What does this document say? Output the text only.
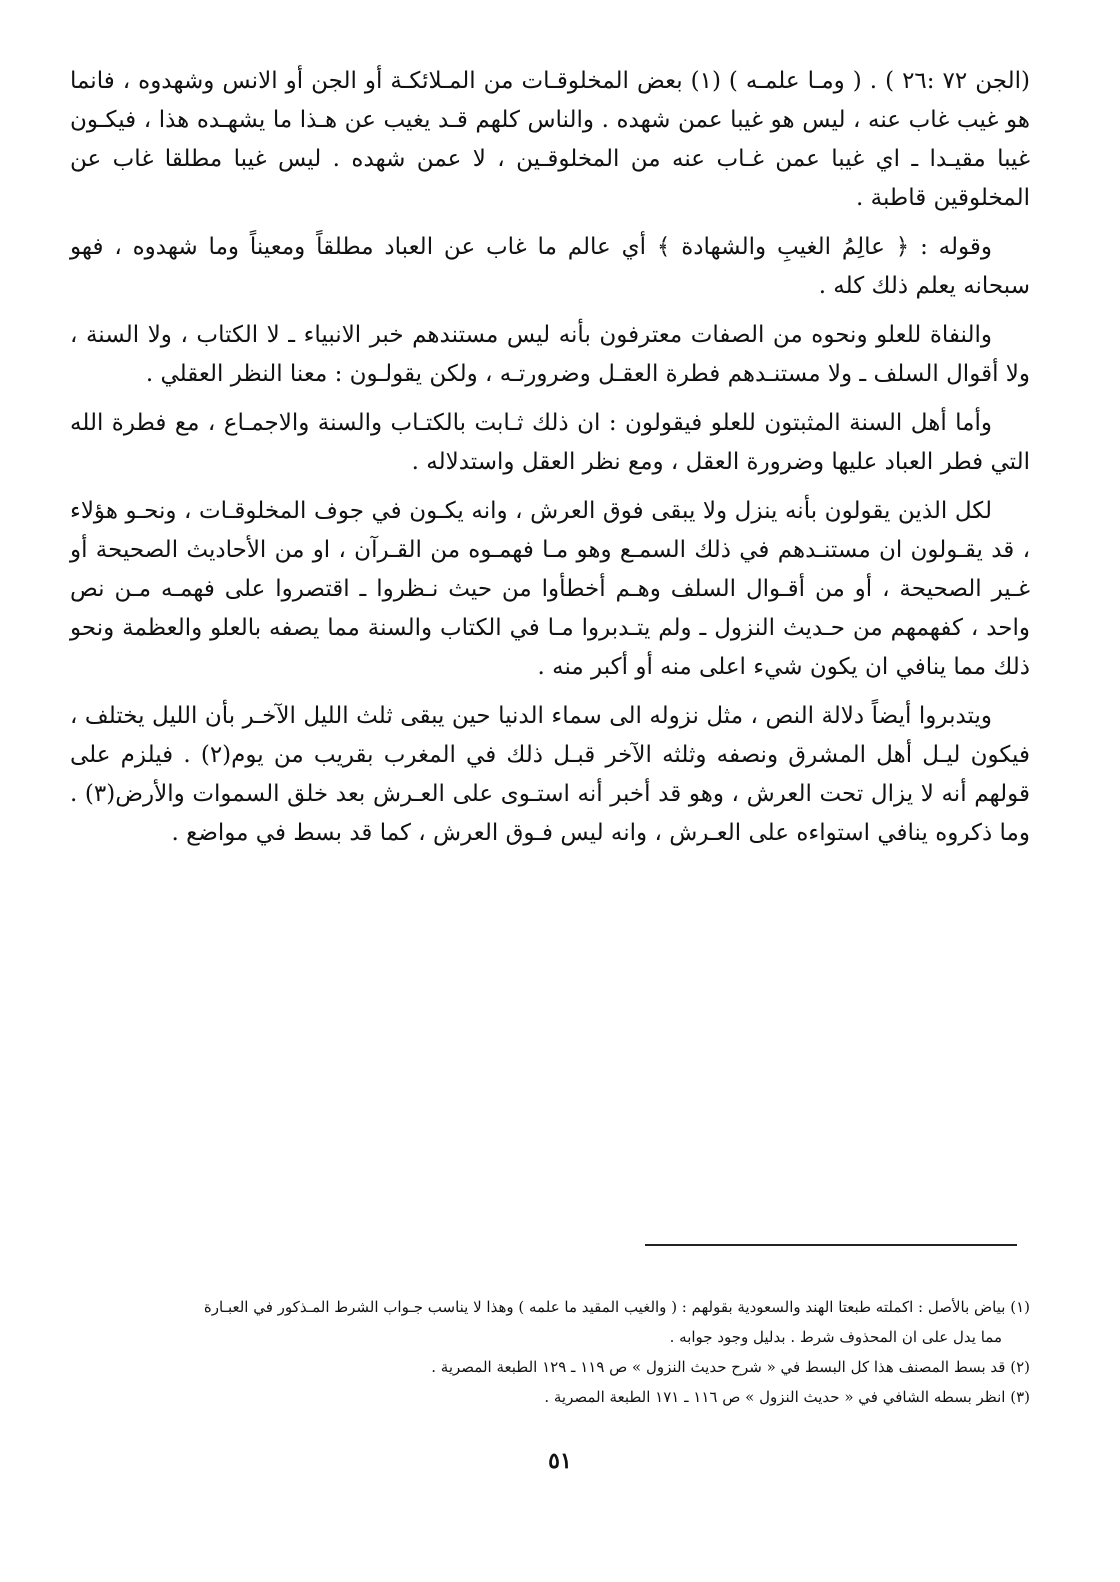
(الجن ٧٢ :٢٦ ) . ( ومـا علمـه ) (١) بعض المخلوقـات من المـلائكـة أو الجن أو الانس وشهدوه ، فانما هو غيب غاب عنه ، ليس هو غيبا عمن شهده . والناس كلهم قـد يغيب عن هـذا ما يشهـده هذا ، فيكـون غيبا مقيـدا ـ اي غيبا عمن غـاب عنه من المخلوقـين ، لا عمن شهده . ليس غيبا مطلقا غاب عن المخلوقين قاطبة .

وقوله : ﴿ عالِمُ الغيبِ والشهادة ﴾ أي عالم ما غاب عن العباد مطلقاً ومعيناً وما شهدوه ، فهو سبحانه يعلم ذلك كله .

والنفاة للعلو ونحوه من الصفات معترفون بأنه ليس مستندهم خبر الانبياء ـ لا الكتاب ، ولا السنة ، ولا أقوال السلف ـ ولا مستنـدهم فطرة العقـل وضرورتـه ، ولكن يقولـون : معنا النظر العقلي .

وأما أهل السنة المثبتون للعلو فيقولون : ان ذلك ثـابت بالكتـاب والسنة والاجمـاع ، مع فطرة الله التي فطر العباد عليها وضرورة العقل ، ومع نظر العقل واستدلاله .

لكل الذين يقولون بأنه ينزل ولا يبقى فوق العرش ، وانه يكـون في جوف المخلوقـات ، ونحـو هؤلاء ، قد يقـولون ان مستنـدهم في ذلك السمـع وهو مـا فهمـوه من القـرآن ، او من الأحاديث الصحيحة أو غـير الصحيحة ، أو من أقـوال السلف وهـم أخطأوا من حيث نـظروا ـ اقتصروا على فهمـه مـن نص واحد ، كفهمهم من حـديث النزول ـ ولم يتـدبروا مـا في الكتاب والسنة مما يصفه بالعلو والعظمة ونحو ذلك مما ينافي ان يكون شيء اعلى منه أو أكبر منه .

ويتدبروا أيضاً دلالة النص ، مثل نزوله الى سماء الدنيا حين يبقى ثلث الليل الآخـر بأن الليل يختلف ، فيكون ليـل أهل المشرق ونصفه وثلثه الآخر قبـل ذلك في المغرب بقريب من يوم(٢) . فيلزم على قولهم أنه لا يزال تحت العرش ، وهو قد أخبر أنه استـوى على العـرش بعد خلق السموات والأرض(٣) . وما ذكروه ينافي استواءه على العـرش ، وانه ليس فـوق العرش ، كما قد بسط في مواضع .

(١) بياض بالأصل : اكملته طبعتا الهند والسعودية بقولهم : ( والغيب المقيد ما علمه ) وهذا لا يناسب جـواب الشرط المـذكور في العبـارة

مما يدل على ان المحذوف شرط . بدليل وجود جوابه .

(٢) قد بسط المصنف هذا كل البسط في « شرح حديث النزول » ص ١١٩ ـ ١٢٩ الطبعة المصرية .

(٣) انظر بسطه الشافي في « حديث النزول » ص ١١٦ ـ ١٧١ الطبعة المصرية .

٥١
